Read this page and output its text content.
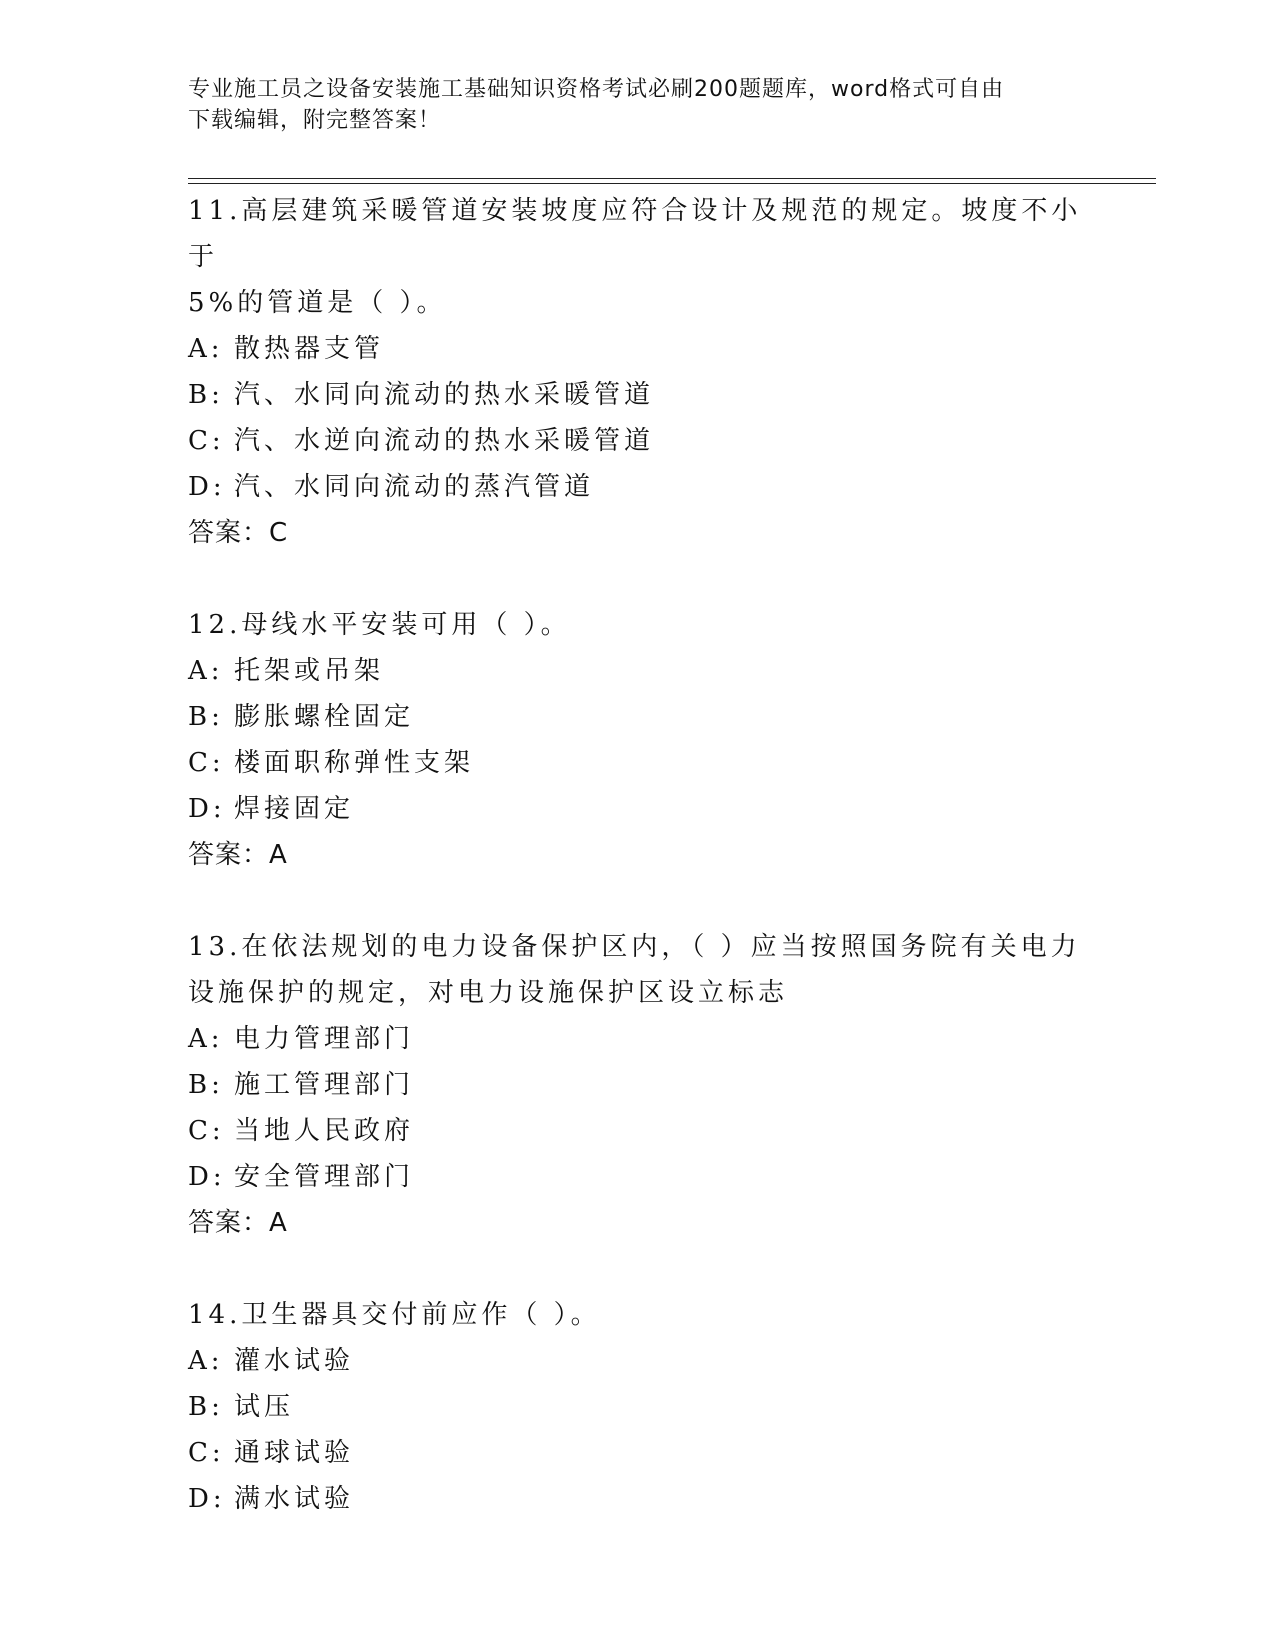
专业施工员之设备安装施工基础知识资格考试必刷200题题库，word格式可自由
下载编辑，附完整答案！
11.高层建筑采暖管道安装坡度应符合设计及规范的规定。坡度不小于
5%的管道是（ ）。
A: 散热器支管
B: 汽、水同向流动的热水采暖管道
C: 汽、水逆向流动的热水采暖管道
D: 汽、水同向流动的蒸汽管道
答案：C
12.母线水平安装可用（ ）。
A: 托架或吊架
B: 膨胀螺栓固定
C: 楼面职称弹性支架
D: 焊接固定
答案：A
13.在依法规划的电力设备保护区内，（ ）应当按照国务院有关电力
设施保护的规定，对电力设施保护区设立标志
A: 电力管理部门
B: 施工管理部门
C: 当地人民政府
D: 安全管理部门
答案：A
14.卫生器具交付前应作（ ）。
A: 灌水试验
B: 试压
C: 通球试验
D: 满水试验
